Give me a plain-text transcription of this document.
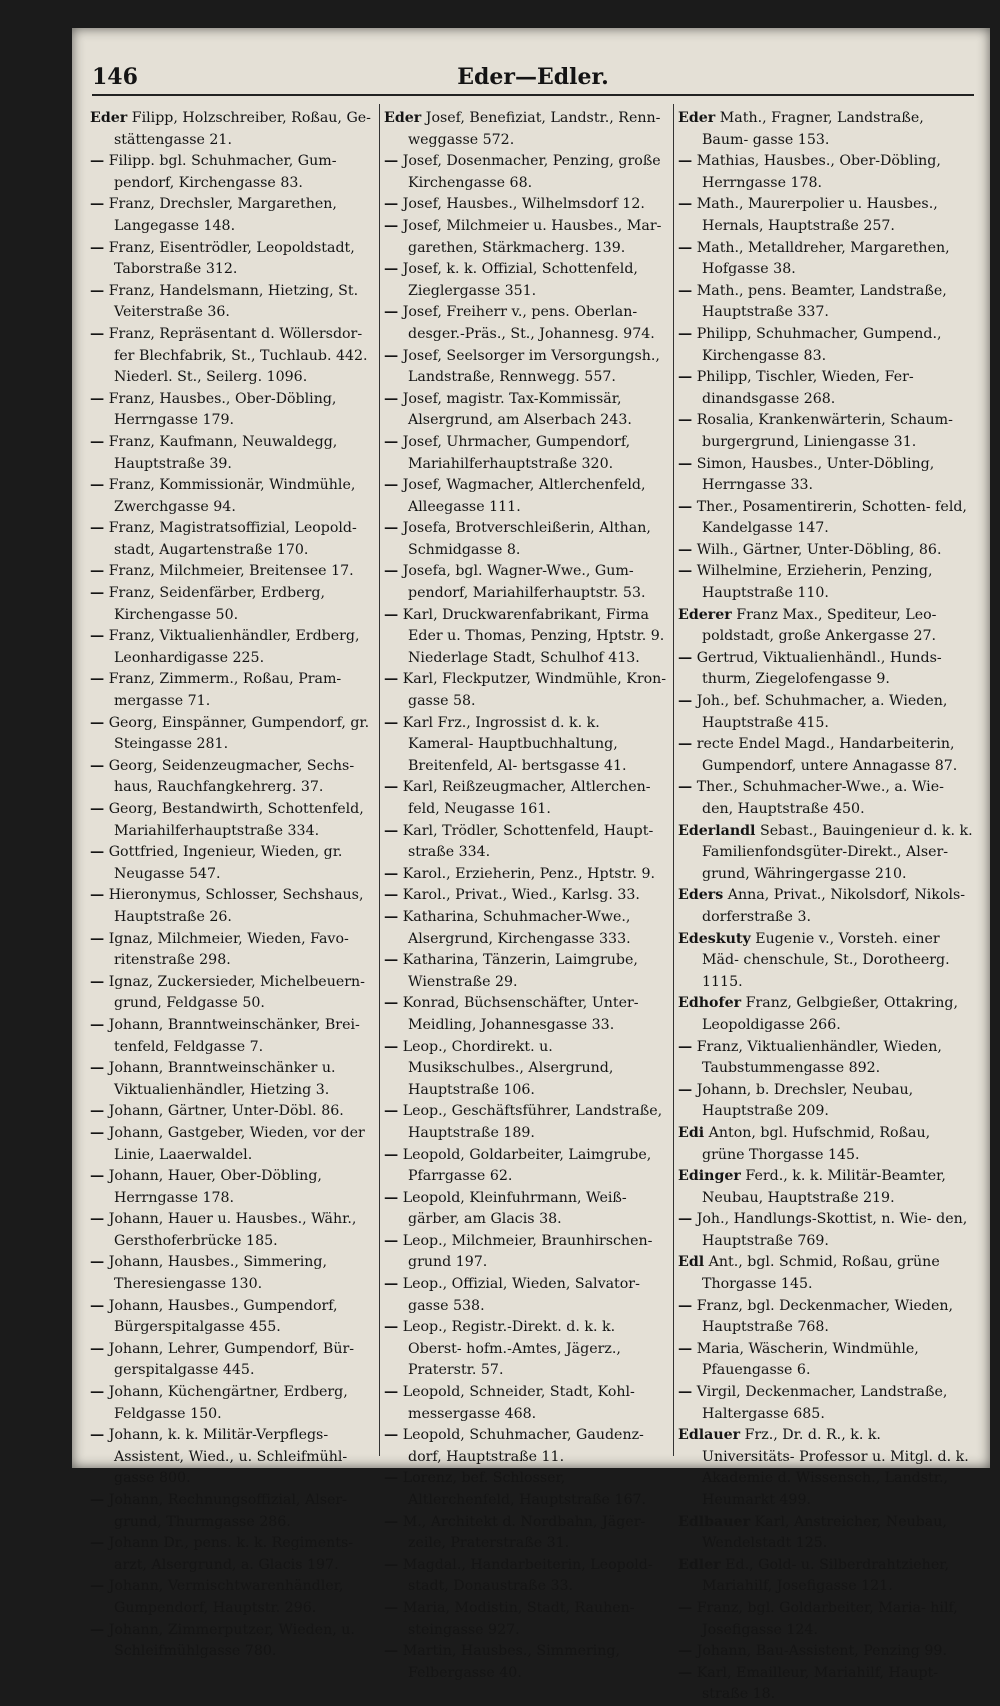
146	Eder—Edler.

Eder Filipp, Holzschreiber, Roßau, Ge- stättengasse 21.

— Filipp. bgl. Schuhmacher, Gum- pendorf, Kirchengasse 83.

— Franz, Drechsler, Margarethen, Langegasse 148.

— Franz, Eisentrödler, Leopoldstadt, Taborstraße 312.

— Franz, Handelsmann, Hietzing, St. Veiterstraße 36.

— Franz, Repräsentant d. Wöllersdor- fer Blechfabrik, St., Tuchlaub. 442. Niederl. St., Seilerg. 1096.

— Franz, Hausbes., Ober-Döbling, Herrngasse 179.

— Franz, Kaufmann, Neuwaldegg, Hauptstraße 39.

— Franz, Kommissionär, Windmühle, Zwerchgasse 94.

— Franz, Magistratsoffizial, Leopold- stadt, Augartenstraße 170.

— Franz, Milchmeier, Breitensee 17.

— Franz, Seidenfärber, Erdberg, Kirchengasse 50.

— Franz, Viktualienhändler, Erdberg, Leonhardigasse 225.

— Franz, Zimmerm., Roßau, Pram- mergasse 71.

— Georg, Einspänner, Gumpendorf, gr. Steingasse 281.

— Georg, Seidenzeugmacher, Sechs- haus, Rauchfangkehrerg. 37.

— Georg, Bestandwirth, Schottenfeld, Mariahilferhauptstraße 334.

— Gottfried, Ingenieur, Wieden, gr. Neugasse 547.

— Hieronymus, Schlosser, Sechshaus, Hauptstraße 26.

— Ignaz, Milchmeier, Wieden, Favo- ritenstraße 298.

— Ignaz, Zuckersieder, Michelbeuern- grund, Feldgasse 50.

— Johann, Branntweinschänker, Brei- tenfeld, Feldgasse 7.

— Johann, Branntweinschänker u. Viktualienhändler, Hietzing 3.

— Johann, Gärtner, Unter-Döbl. 86.

— Johann, Gastgeber, Wieden, vor der Linie, Laaerwaldel.

— Johann, Hauer, Ober-Döbling, Herrngasse 178.

— Johann, Hauer u. Hausbes., Währ., Gersthoferbrücke 185.

— Johann, Hausbes., Simmering, Theresiengasse 130.

— Johann, Hausbes., Gumpendorf, Bürgerspitalgasse 455.

— Johann, Lehrer, Gumpendorf, Bür- gerspitalgasse 445.

— Johann, Küchengärtner, Erdberg, Feldgasse 150.

— Johann, k. k. Militär-Verpflegs- Assistent, Wied., u. Schleifmühl- gasse 800.

— Johann, Rechnungsoffizial, Alser- grund, Thurmgasse 286.

— Johann Dr., pens. k. k. Regiments- arzt, Alsergrund, a. Glacis 197.

— Johann, Vermischtwarenhändler, Gumpendorf, Hauptstr. 296.

— Johann, Zimmerputzer, Wieden, u. Schleifmühlgasse 780.

Eder Josef, Benefiziat, Landstr., Renn- weggasse 572.

— Josef, Dosenmacher, Penzing, große Kirchengasse 68.

— Josef, Hausbes., Wilhelmsdorf 12.

— Josef, Milchmeier u. Hausbes., Mar- garethen, Stärkmacherg. 139.

— Josef, k. k. Offizial, Schottenfeld, Zieglergasse 351.

— Josef, Freiherr v., pens. Oberlan- desger.-Präs., St., Johannesg. 974.

— Josef, Seelsorger im Versorgungsh., Landstraße, Rennwegg. 557.

— Josef, magistr. Tax-Kommissär, Alsergrund, am Alserbach 243.

— Josef, Uhrmacher, Gumpendorf, Mariahilferhauptstraße 320.

— Josef, Wagmacher, Altlerchenfeld, Alleegasse 111.

— Josefa, Brotverschleißerin, Althan, Schmidgasse 8.

— Josefa, bgl. Wagner-Wwe., Gum- pendorf, Mariahilferhauptstr. 53.

— Karl, Druckwarenfabrikant, Firma Eder u. Thomas, Penzing, Hptstr. 9. Niederlage Stadt, Schulhof 413.

— Karl, Fleckputzer, Windmühle, Kron- gasse 58.

— Karl Frz., Ingrossist d. k. k. Kameral- Hauptbuchhaltung, Breitenfeld, Al- bertsgasse 41.

— Karl, Reißzeugmacher, Altlerchen- feld, Neugasse 161.

— Karl, Trödler, Schottenfeld, Haupt- straße 334.

— Karol., Erzieherin, Penz., Hptstr. 9.

— Karol., Privat., Wied., Karlsg. 33.

— Katharina, Schuhmacher-Wwe., Alsergrund, Kirchengasse 333.

— Katharina, Tänzerin, Laimgrube, Wienstraße 29.

— Konrad, Büchsenschäfter, Unter- Meidling, Johannesgasse 33.

— Leop., Chordirekt. u. Musikschulbes., Alsergrund, Hauptstraße 106.

— Leop., Geschäftsführer, Landstraße, Hauptstraße 189.

— Leopold, Goldarbeiter, Laimgrube, Pfarrgasse 62.

— Leopold, Kleinfuhrmann, Weiß- gärber, am Glacis 38.

— Leop., Milchmeier, Braunhirschen- grund 197.

— Leop., Offizial, Wieden, Salvator- gasse 538.

— Leop., Registr.-Direkt. d. k. k. Oberst- hofm.-Amtes, Jägerz., Praterstr. 57.

— Leopold, Schneider, Stadt, Kohl- messergasse 468.

— Leopold, Schuhmacher, Gaudenz- dorf, Hauptstraße 11.

— Lorenz, bef. Schlosser, Altlerchenfeld, Hauptstraße 167.

— M., Architekt d. Nordbahn, Jäger- zeile, Praterstraße 31.

— Magdal., Handarbeiterin, Leopold- stadt, Donaustraße 33.

— Maria, Modistin, Stadt, Rauhen- steingasse 927.

— Martin, Hausbes., Simmering, Felbergasse 40.

Eder Math., Fragner, Landstraße, Baum- gasse 153.

— Mathias, Hausbes., Ober-Döbling, Herrngasse 178.

— Math., Maurerpolier u. Hausbes., Hernals, Hauptstraße 257.

— Math., Metalldreher, Margarethen, Hofgasse 38.

— Math., pens. Beamter, Landstraße, Hauptstraße 337.

— Philipp, Schuhmacher, Gumpend., Kirchengasse 83.

— Philipp, Tischler, Wieden, Fer- dinandsgasse 268.

— Rosalia, Krankenwärterin, Schaum- burgergrund, Liniengasse 31.

— Simon, Hausbes., Unter-Döbling, Herrngasse 33.

— Ther., Posamentirerin, Schotten- feld, Kandelgasse 147.

— Wilh., Gärtner, Unter-Döbling, 86.

— Wilhelmine, Erzieherin, Penzing, Hauptstraße 110.

Ederer Franz Max., Spediteur, Leo- poldstadt, große Ankergasse 27.

— Gertrud, Viktualienhändl., Hunds- thurm, Ziegelofengasse 9.

— Joh., bef. Schuhmacher, a. Wieden, Hauptstraße 415.

— recte Endel Magd., Handarbeiterin, Gumpendorf, untere Annagasse 87.

— Ther., Schuhmacher-Wwe., a. Wie- den, Hauptstraße 450.

Ederlandl Sebast., Bauingenieur d. k. k. Familienfondsgüter-Direkt., Alser- grund, Währingergasse 210.

Eders Anna, Privat., Nikolsdorf, Nikols- dorferstraße 3.

Edeskuty Eugenie v., Vorsteh. einer Mäd- chenschule, St., Dorotheerg. 1115.

Edhofer Franz, Gelbgießer, Ottakring, Leopoldigasse 266.

— Franz, Viktualienhändler, Wieden, Taubstummengasse 892.

— Johann, b. Drechsler, Neubau, Hauptstraße 209.

Edi Anton, bgl. Hufschmid, Roßau, grüne Thorgasse 145.

Edinger Ferd., k. k. Militär-Beamter, Neubau, Hauptstraße 219.

— Joh., Handlungs-Skottist, n. Wie- den, Hauptstraße 769.

Edl Ant., bgl. Schmid, Roßau, grüne Thorgasse 145.

— Franz, bgl. Deckenmacher, Wieden, Hauptstraße 768.

— Maria, Wäscherin, Windmühle, Pfauengasse 6.

— Virgil, Deckenmacher, Landstraße, Haltergasse 685.

Edlauer Frz., Dr. d. R., k. k. Universitäts- Professor u. Mitgl. d. k. Akademie d. Wissensch., Landstr., Heumarkt 499.

Edlbauer Karl, Anstreicher, Neubau, Wendelstadt 125.

Edler Ed., Gold- u. Silberdrahtzieher, Mariahilf, Josefigasse 121.

— Franz, bgl. Goldarbeiter, Maria- hilf, Josefigasse 124.

— Johann, Bau-Assistent, Penzing 99.

— Karl, Emailleur, Mariahilf, Haupt- straße 18.
